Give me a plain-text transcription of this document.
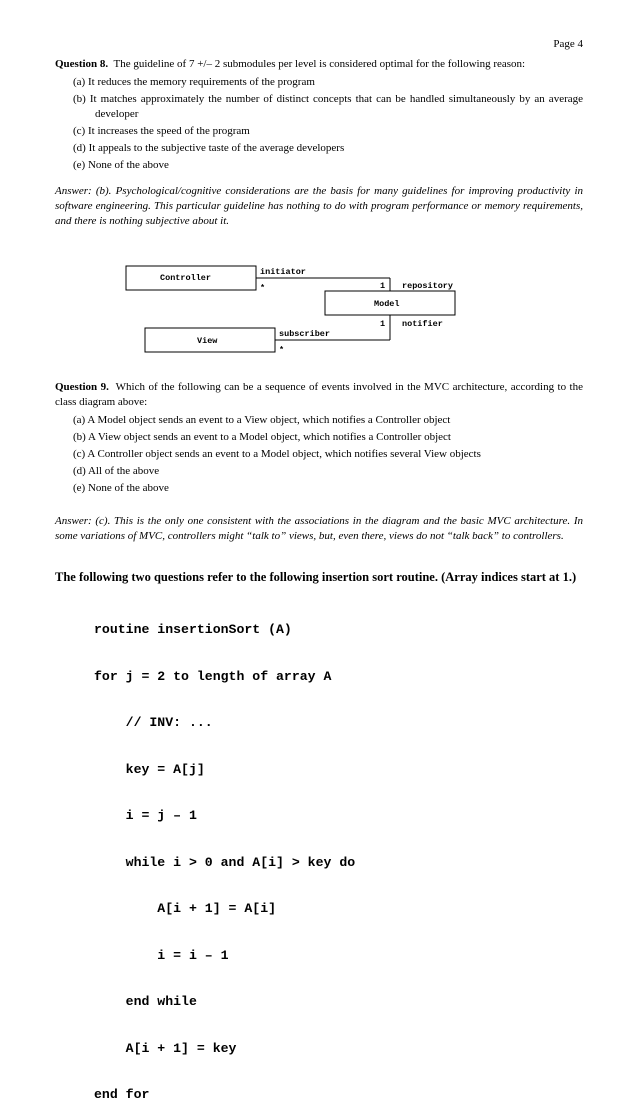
Page 4
Question 8. The guideline of 7 +/– 2 submodules per level is considered optimal for the following reason:

(a) It reduces the memory requirements of the program

(b) It matches approximately the number of distinct concepts that can be handled simultaneously by an average developer

(c) It increases the speed of the program

(d) It appeals to the subjective taste of the average developers

(e) None of the above

Answer: (b). Psychological/cognitive considerations are the basis for many guidelines for improving productivity in software engineering. This particular guideline has nothing to do with program performance or memory requirements, and there is nothing subjective about it.
Controller
initiator
*	1 repository
Model
1 notifier
subscriber
*
View
Question 9. Which of the following can be a sequence of events involved in the MVC architecture, according to the class diagram above:

(a) A Model object sends an event to a View object, which notifies a Controller object

(b) A View object sends an event to a Model object, which notifies a Controller object

(c) A Controller object sends an event to a Model object, which notifies several View objects

(d) All of the above

(e) None of the above

Answer: (c). This is the only one consistent with the associations in the diagram and the basic MVC architecture. In some variations of MVC, controllers might “talk to” views, but, even there, views do not “talk back” to controllers.
The following two questions refer to the following insertion sort routine. (Array indices start at 1.)

routine insertionSort (A)

for j = 2 to length of array A

// INV: ...

key = A[j]

i = j – 1

while i > 0 and A[i] > key do

A[i + 1] = A[i]

i = i – 1

end while

A[i + 1] = key

end for
